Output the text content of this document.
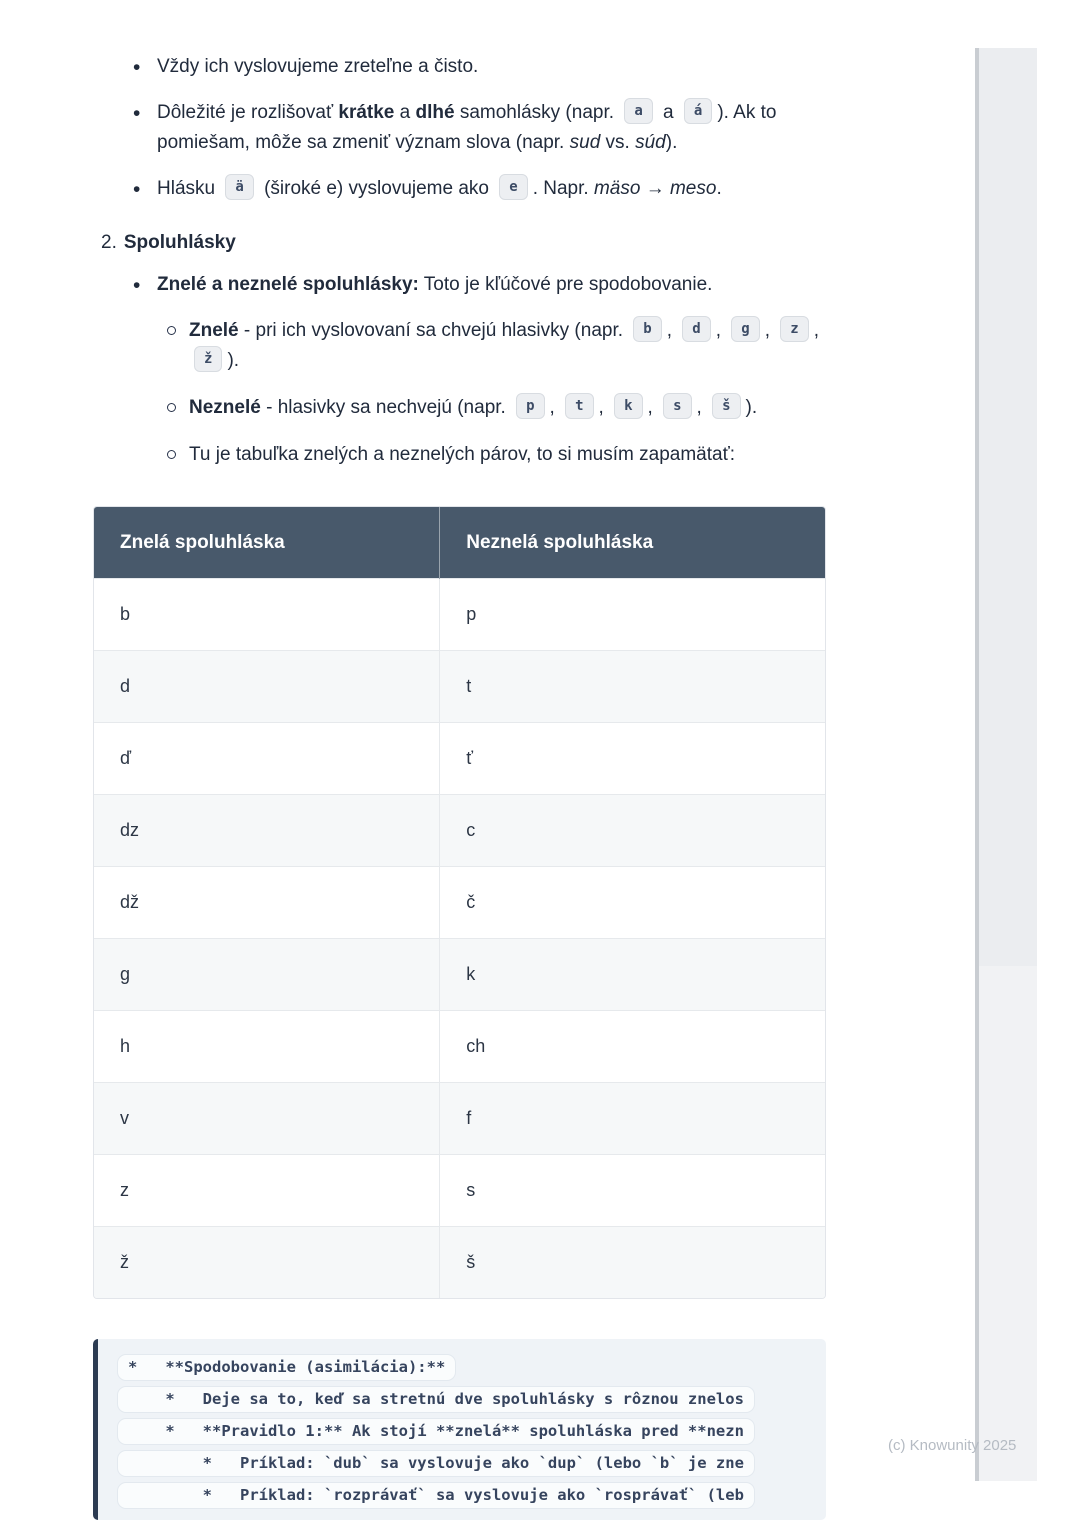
•
Vždy ich vyslovujeme zreteľne a čisto.
•
Dôležité je rozlišovať krátke a dlhé samohlásky (napr. a a á ). Ak to pomiešam, môže sa zmeniť význam slova (napr. sud vs. súd).
•
Hlásku ä (široké e) vyslovujeme ako e . Napr. mäso → meso.
2. Spoluhlásky
•
Znelé a neznelé spoluhlásky: Toto je kľúčové pre spodobovanie.
Znelé - pri ich vyslovovaní sa chvejú hlasivky (napr. b , d , g , z , ž ).
Neznelé - hlasivky sa nechvejú (napr. p , t , k , s , š ).
Tu je tabuľka znelých a neznelých párov, to si musím zapamätať:
Znelá spoluhláska	Neznelá spoluhláska
b	p
d	t
ď	ť
dz	c
dž	č
g	k
h	ch
v	f
z	s
ž	š
*   **Spodobovanie (asimilácia):**
*   Deje sa to, keď sa stretnú dve spoluhlásky s rôznou znelos
*   **Pravidlo 1:** Ak stojí **znelá** spoluhláska pred **nezn
*   Príklad: `dub` sa vyslovuje ako `dup` (lebo `b` je zne
*   Príklad: `rozprávať` sa vyslovuje ako `rosprávať` (leb
(c) Knowunity 2025
